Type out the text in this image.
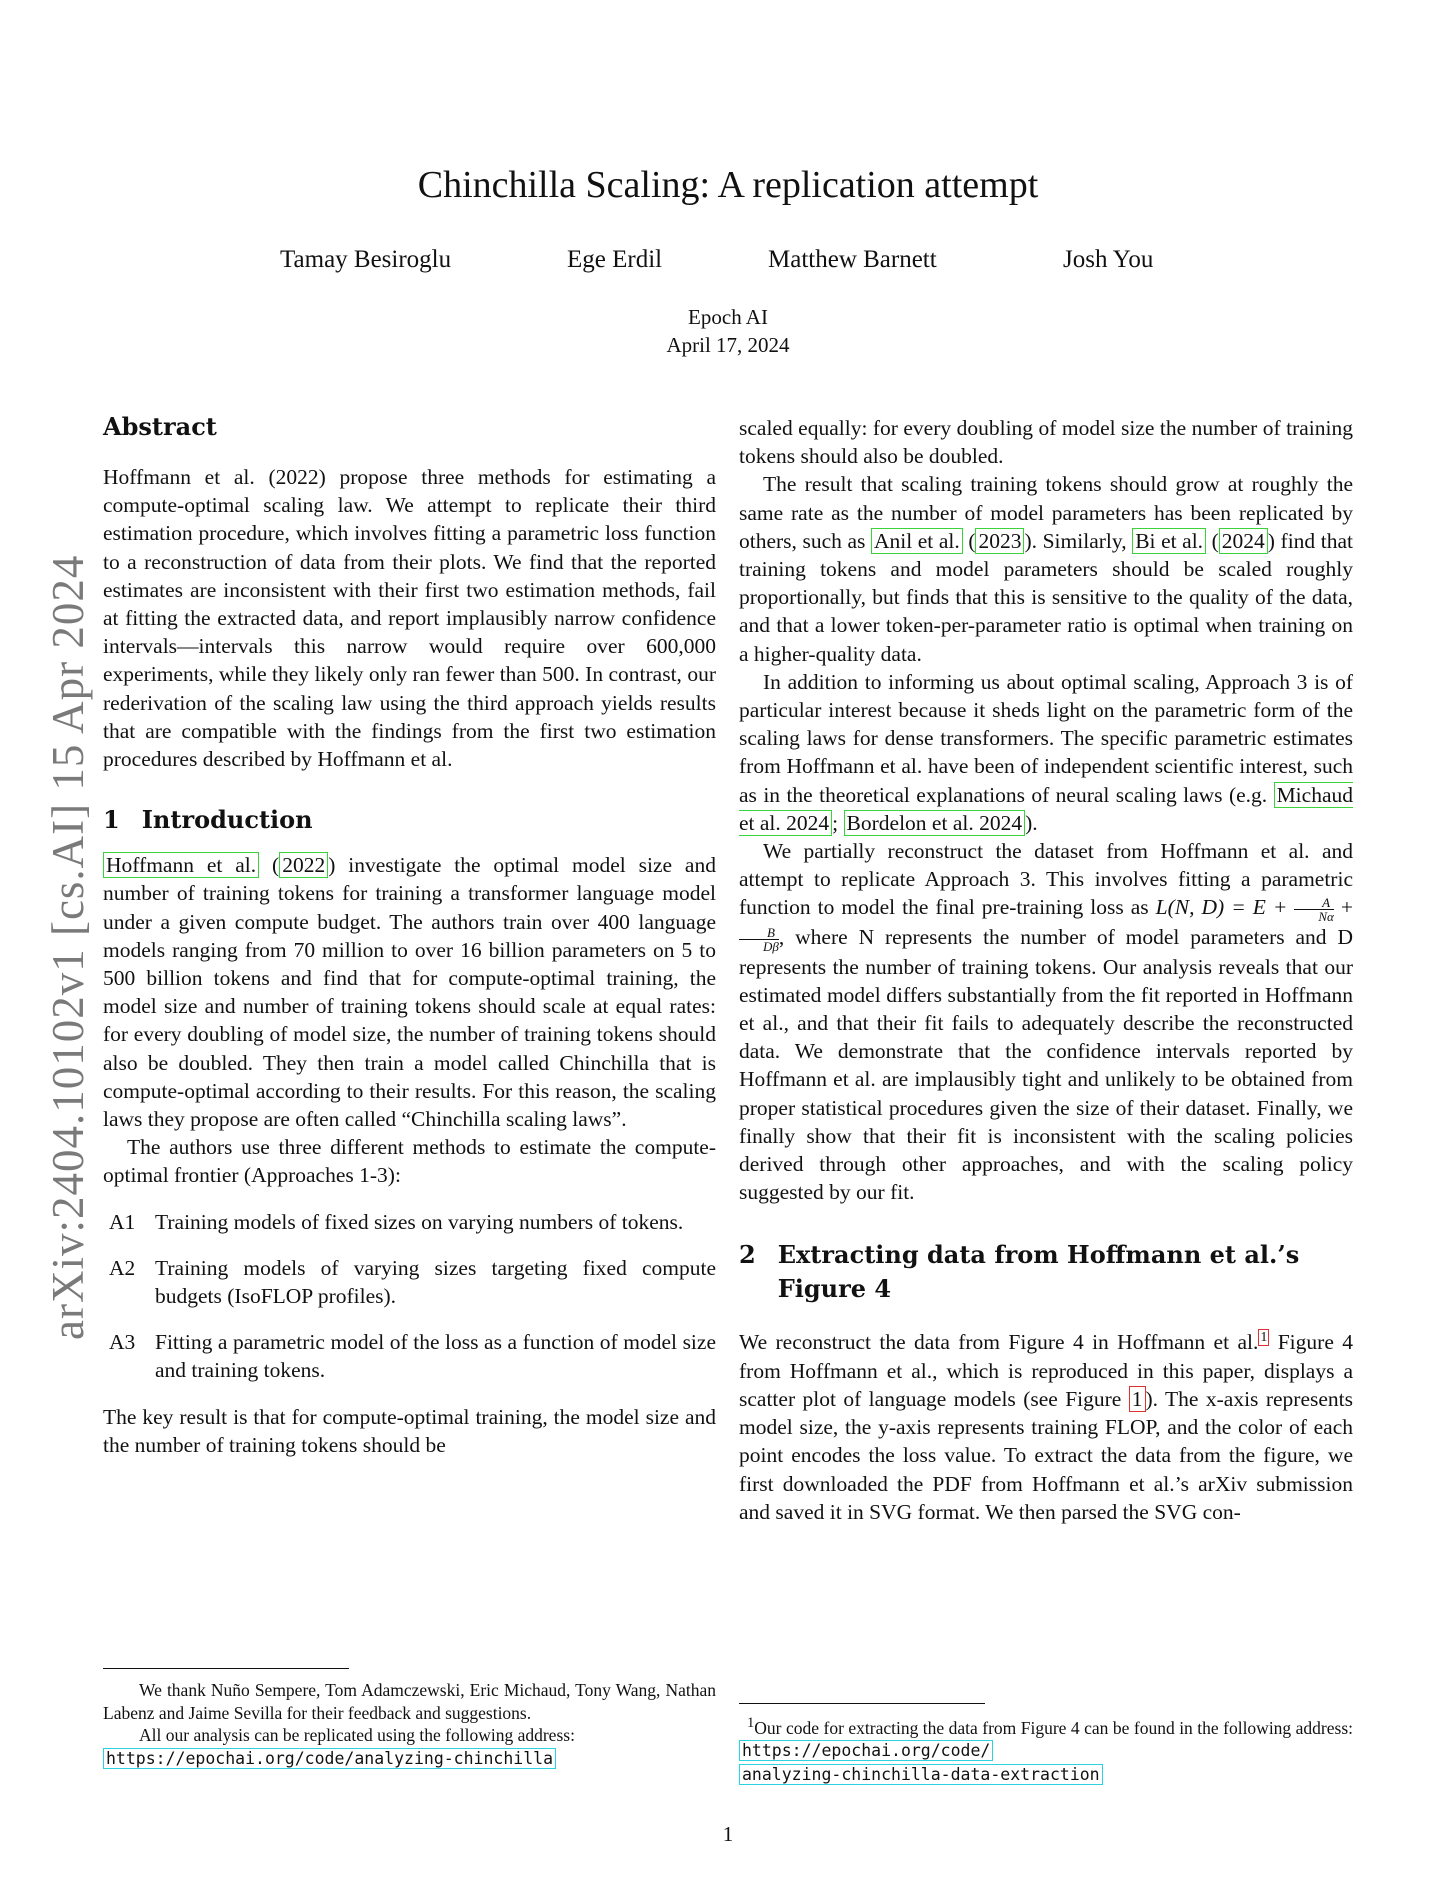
arXiv:2404.10102v1 [cs.AI] 15 Apr 2024
Chinchilla Scaling: A replication attempt
Tamay Besiroglu	Ege Erdil	Matthew Barnett	Josh You
Epoch AI
April 17, 2024
Abstract

Hoffmann et al. (2022) propose three methods for estimating a compute-optimal scaling law. We attempt to replicate their third estimation procedure, which involves fitting a parametric loss function to a reconstruction of data from their plots. We find that the reported estimates are inconsistent with their first two estimation methods, fail at fitting the extracted data, and report implausibly narrow confidence intervals—intervals this narrow would require over 600,000 experiments, while they likely only ran fewer than 500. In contrast, our rederivation of the scaling law using the third approach yields results that are compatible with the findings from the first two estimation procedures described by Hoffmann et al.

1 Introduction

Hoffmann et al. ( 2022 ) investigate the optimal model size and number of training tokens for training a transformer language model under a given compute budget. The authors train over 400 language models ranging from 70 million to over 16 billion parameters on 5 to 500 billion tokens and find that for compute-optimal training, the model size and number of training tokens should scale at equal rates: for every doubling of model size, the number of training tokens should also be doubled. They then train a model called Chinchilla that is compute-optimal according to their results. For this reason, the scaling laws they propose are often called “Chinchilla scaling laws”.

The authors use three different methods to estimate the compute-optimal frontier (Approaches 1-3):

A1 Training models of fixed sizes on varying numbers of tokens.
A2 Training models of varying sizes targeting fixed compute budgets (IsoFLOP profiles).
A3 Fitting a parametric model of the loss as a function of model size and training tokens.

The key result is that for compute-optimal training, the model size and the number of training tokens should be

We thank Nuño Sempere, Tom Adamczewski, Eric Michaud, Tony Wang, Nathan Labenz and Jaime Sevilla for their feedback and suggestions.

All our analysis can be replicated using the following address:

https://epochai.org/code/analyzing-chinchilla

scaled equally: for every doubling of model size the number of training tokens should also be doubled.

The result that scaling training tokens should grow at roughly the same rate as the number of model parameters has been replicated by others, such as Anil et al. ( 2023 ). Similarly, Bi et al. ( 2024 ) find that training tokens and model parameters should be scaled roughly proportionally, but finds that this is sensitive to the quality of the data, and that a lower token-per-parameter ratio is optimal when training on a higher-quality data.

In addition to informing us about optimal scaling, Approach 3 is of particular interest because it sheds light on the parametric form of the scaling laws for dense transformers. The specific parametric estimates from Hoffmann et al. have been of independent scientific interest, such as in the theoretical explanations of neural scaling laws (e.g. Michaud et al. 2024 ; Bordelon et al. 2024 ).

We partially reconstruct the dataset from Hoffmann et al. and attempt to replicate Approach 3. This involves fitting a parametric function to model the final pre-training loss as L(N, $D) = E + \frac{A}{N\alpha}$ +
$\frac{B}{D\beta}$ , where N represents the number of model parameters and D represents the number of training tokens. Our analysis reveals that our estimated model differs substantially from the fit reported in Hoffmann et al., and that their fit fails to adequately describe the reconstructed data. We demonstrate that the confidence intervals reported by Hoffmann et al. are implausibly tight and unlikely to be obtained from proper statistical procedures given the size of their dataset. Finally, we finally show that their fit is inconsistent with the scaling policies derived through other approaches, and with the scaling policy suggested by our fit.

2 Extracting data from Hoffmann et al.’s Figure 4

We reconstruct the data from Figure 4 in Hoffmann et al. $^1$ Figure 4 from Hoffmann et al., which is reproduced in this paper, displays a scatter plot of language models (see Figure 1 ). The x-axis represents model size, the y-axis represents training FLOP, and the color of each point encodes the loss value. To extract the data from the figure, we first downloaded the PDF from Hoffmann et al.’s arXiv submission and saved it in SVG format. We then parsed the SVG con-

$^1$Our code for extracting the data from Figure 4 can be found in the following address: https://epochai.org/code/

analyzing-chinchilla-data-extraction

1
